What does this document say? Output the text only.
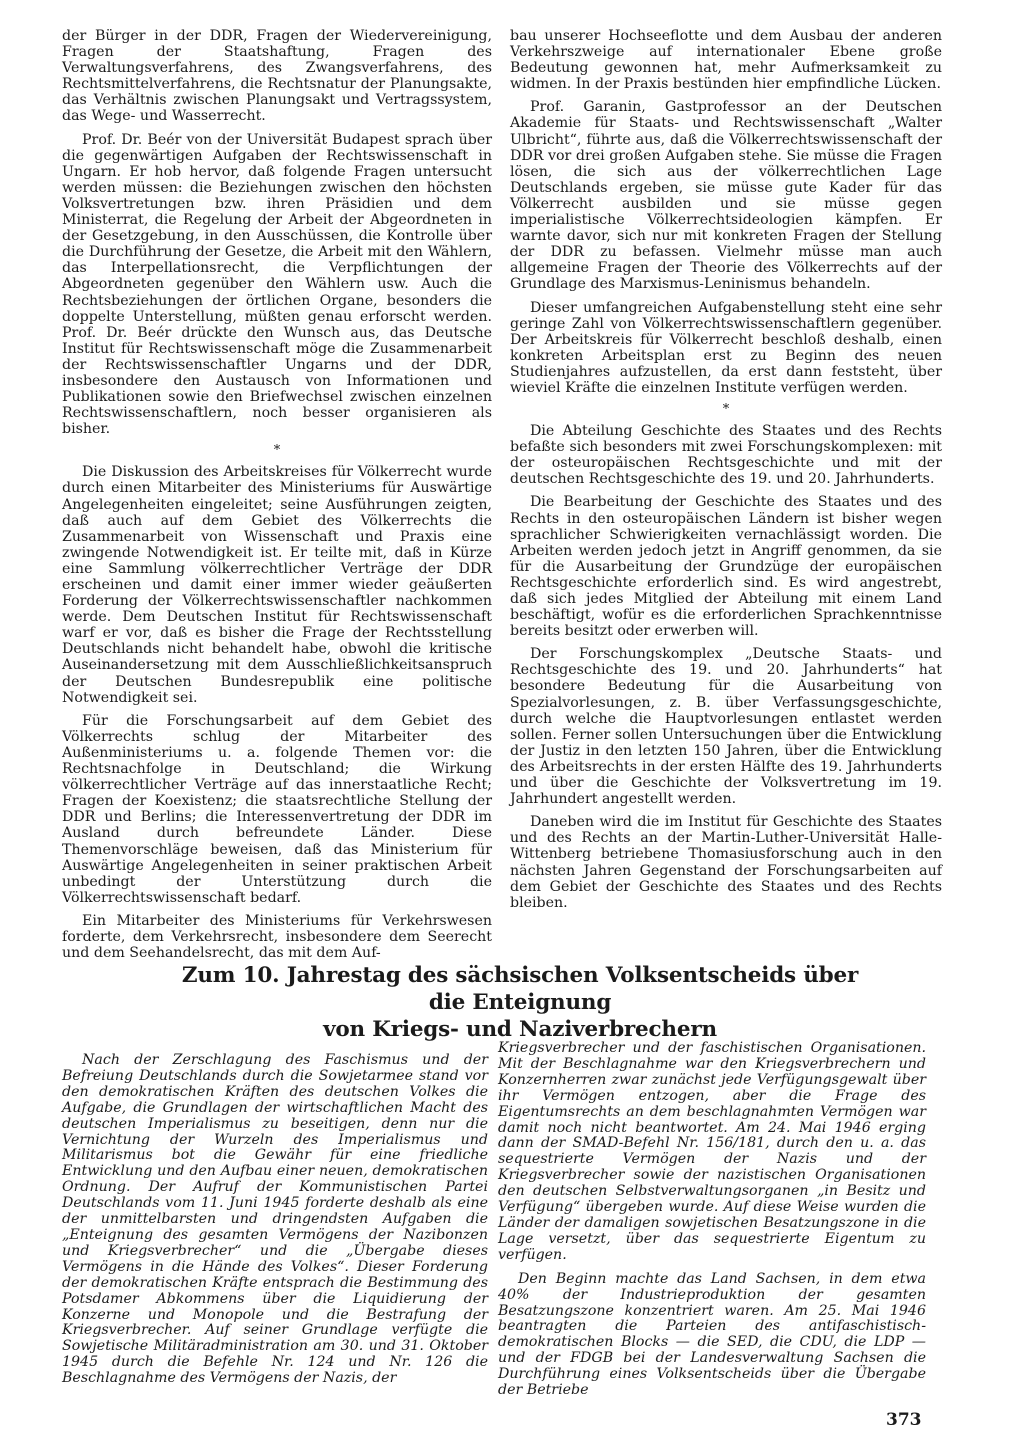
der Bürger in der DDR, Fragen der Wiedervereinigung, Fragen der Staatshaftung, Fragen des Verwaltungsverfahrens, des Zwangsverfahrens, des Rechtsmittelverfahrens, die Rechtsnatur der Planungsakte, das Verhältnis zwischen Planungsakt und Vertragssystem, das Wege- und Wasserrecht.

Prof. Dr. Beér von der Universität Budapest sprach über die gegenwärtigen Aufgaben der Rechtswissenschaft in Ungarn. Er hob hervor, daß folgende Fragen untersucht werden müssen: die Beziehungen zwischen den höchsten Volksvertretungen bzw. ihren Präsidien und dem Ministerrat, die Regelung der Arbeit der Abgeordneten in der Gesetzgebung, in den Ausschüssen, die Kontrolle über die Durchführung der Gesetze, die Arbeit mit den Wählern, das Interpellationsrecht, die Verpflichtungen der Abgeordneten gegenüber den Wählern usw. Auch die Rechtsbeziehungen der örtlichen Organe, besonders die doppelte Unterstellung, müßten genau erforscht werden. Prof. Dr. Beér drückte den Wunsch aus, das Deutsche Institut für Rechtswissenschaft möge die Zusammenarbeit der Rechtswissenschaftler Ungarns und der DDR, insbesondere den Austausch von Informationen und Publikationen sowie den Briefwechsel zwischen einzelnen Rechtswissenschaftlern, noch besser organisieren als bisher.

*

Die Diskussion des Arbeitskreises für Völkerrecht wurde durch einen Mitarbeiter des Ministeriums für Auswärtige Angelegenheiten eingeleitet; seine Ausführungen zeigten, daß auch auf dem Gebiet des Völkerrechts die Zusammenarbeit von Wissenschaft und Praxis eine zwingende Notwendigkeit ist. Er teilte mit, daß in Kürze eine Sammlung völkerrechtlicher Verträge der DDR erscheinen und damit einer immer wieder geäußerten Forderung der Völkerrechtswissenschaftler nachkommen werde. Dem Deutschen Institut für Rechtswissenschaft warf er vor, daß es bisher die Frage der Rechtsstellung Deutschlands nicht behandelt habe, obwohl die kritische Auseinandersetzung mit dem Ausschließlichkeitsanspruch der Deutschen Bundesrepublik eine politische Notwendigkeit sei.

Für die Forschungsarbeit auf dem Gebiet des Völkerrechts schlug der Mitarbeiter des Außenministeriums u. a. folgende Themen vor: die Rechtsnachfolge in Deutschland; die Wirkung völkerrechtlicher Verträge auf das innerstaatliche Recht; Fragen der Koexistenz; die staatsrechtliche Stellung der DDR und Berlins; die Interessenvertretung der DDR im Ausland durch befreundete Länder. Diese Themenvorschläge beweisen, daß das Ministerium für Auswärtige Angelegenheiten in seiner praktischen Arbeit unbedingt der Unterstützung durch die Völkerrechtswissenschaft bedarf.

Ein Mitarbeiter des Ministeriums für Verkehrswesen forderte, dem Verkehrsrecht, insbesondere dem Seerecht und dem Seehandelsrecht, das mit dem Auf-

bau unserer Hochseeflotte und dem Ausbau der anderen Verkehrszweige auf internationaler Ebene große Bedeutung gewonnen hat, mehr Aufmerksamkeit zu widmen. In der Praxis bestünden hier empfindliche Lücken.

Prof. Garanin, Gastprofessor an der Deutschen Akademie für Staats- und Rechtswissenschaft „Walter Ulbricht“, führte aus, daß die Völkerrechtswissenschaft der DDR vor drei großen Aufgaben stehe. Sie müsse die Fragen lösen, die sich aus der völkerrechtlichen Lage Deutschlands ergeben, sie müsse gute Kader für das Völkerrecht ausbilden und sie müsse gegen imperialistische Völkerrechtsideologien kämpfen. Er warnte davor, sich nur mit konkreten Fragen der Stellung der DDR zu befassen. Vielmehr müsse man auch allgemeine Fragen der Theorie des Völkerrechts auf der Grundlage des Marxismus-Leninismus behandeln.

Dieser umfangreichen Aufgabenstellung steht eine sehr geringe Zahl von Völkerrechtswissenschaftlern gegenüber. Der Arbeitskreis für Völkerrecht beschloß deshalb, einen konkreten Arbeitsplan erst zu Beginn des neuen Studienjahres aufzustellen, da erst dann feststeht, über wieviel Kräfte die einzelnen Institute verfügen werden.

*

Die Abteilung Geschichte des Staates und des Rechts befaßte sich besonders mit zwei Forschungskomplexen: mit der osteuropäischen Rechtsgeschichte und mit der deutschen Rechtsgeschichte des 19. und 20. Jahrhunderts.

Die Bearbeitung der Geschichte des Staates und des Rechts in den osteuropäischen Ländern ist bisher wegen sprachlicher Schwierigkeiten vernachlässigt worden. Die Arbeiten werden jedoch jetzt in Angriff genommen, da sie für die Ausarbeitung der Grundzüge der europäischen Rechtsgeschichte erforderlich sind. Es wird angestrebt, daß sich jedes Mitglied der Abteilung mit einem Land beschäftigt, wofür es die erforderlichen Sprachkenntnisse bereits besitzt oder erwerben will.

Der Forschungskomplex „Deutsche Staats- und Rechtsgeschichte des 19. und 20. Jahrhunderts“ hat besondere Bedeutung für die Ausarbeitung von Spezialvorlesungen, z. B. über Verfassungsgeschichte, durch welche die Hauptvorlesungen entlastet werden sollen. Ferner sollen Untersuchungen über die Entwicklung der Justiz in den letzten 150 Jahren, über die Entwicklung des Arbeitsrechts in der ersten Hälfte des 19. Jahrhunderts und über die Geschichte der Volksvertretung im 19. Jahrhundert angestellt werden.

Daneben wird die im Institut für Geschichte des Staates und des Rechts an der Martin-Luther-Universität Halle-Wittenberg betriebene Thomasiusforschung auch in den nächsten Jahren Gegenstand der Forschungsarbeiten auf dem Gebiet der Geschichte des Staates und des Rechts bleiben.

Zum 10. Jahrestag des sächsischen Volksentscheids über die Enteignung
von Kriegs- und Naziverbrechern

Nach der Zerschlagung des Faschismus und der Befreiung Deutschlands durch die Sowjetarmee stand vor den demokratischen Kräften des deutschen Volkes die Aufgabe, die Grundlagen der wirtschaftlichen Macht des deutschen Imperialismus zu beseitigen, denn nur die Vernichtung der Wurzeln des Imperialismus und Militarismus bot die Gewähr für eine friedliche Entwicklung und den Aufbau einer neuen, demokratischen Ordnung. Der Aufruf der Kommunistischen Partei Deutschlands vom 11. Juni 1945 forderte deshalb als eine der unmittelbarsten und dringendsten Aufgaben die „Enteignung des gesamten Vermögens der Nazibonzen und Kriegsverbrecher“ und die „Übergabe dieses Vermögens in die Hände des Volkes“. Dieser Forderung der demokratischen Kräfte entsprach die Bestimmung des Potsdamer Abkommens über die Liquidierung der Konzerne und Monopole und die Bestrafung der Kriegsverbrecher. Auf seiner Grundlage verfügte die Sowjetische Militäradministration am 30. und 31. Oktober 1945 durch die Befehle Nr. 124 und Nr. 126 die Beschlagnahme des Vermögens der Nazis, der

Kriegsverbrecher und der faschistischen Organisationen. Mit der Beschlagnahme war den Kriegsverbrechern und Konzernherren zwar zunächst jede Verfügungsgewalt über ihr Vermögen entzogen, aber die Frage des Eigentumsrechts an dem beschlagnahmten Vermögen war damit noch nicht beantwortet. Am 24. Mai 1946 erging dann der SMAD-Befehl Nr. 156/181, durch den u. a. das sequestrierte Vermögen der Nazis und der Kriegsverbrecher sowie der nazistischen Organisationen den deutschen Selbstverwaltungsorganen „in Besitz und Verfügung“ übergeben wurde. Auf diese Weise wurden die Länder der damaligen sowjetischen Besatzungszone in die Lage versetzt, über das sequestrierte Eigentum zu verfügen.

Den Beginn machte das Land Sachsen, in dem etwa 40% der Industrieproduktion der gesamten Besatzungszone konzentriert waren. Am 25. Mai 1946 beantragten die Parteien des antifaschistisch-demokratischen Blocks — die SED, die CDU, die LDP — und der FDGB bei der Landesverwaltung Sachsen die Durchführung eines Volksentscheids über die Übergabe der Betriebe

373
